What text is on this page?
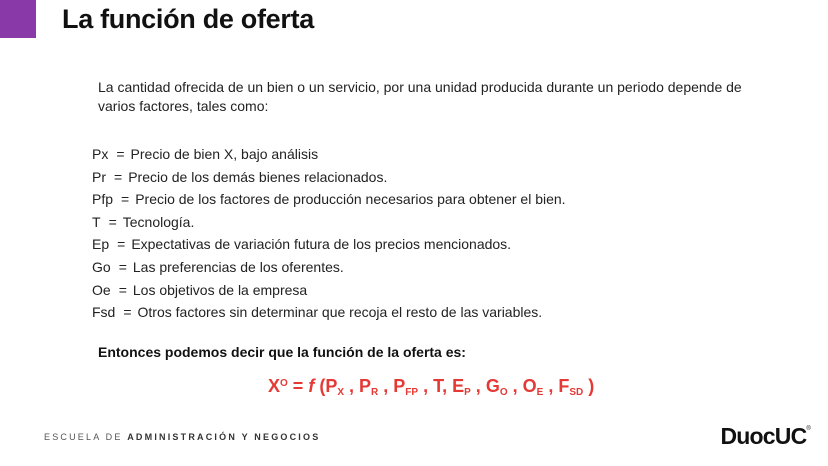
La función de oferta
La cantidad ofrecida de un bien o un servicio, por una unidad producida durante un periodo depende de varios factores, tales como:
Px = Precio de bien X, bajo análisis
Pr = Precio de los demás bienes relacionados.
Pfp = Precio de los factores de producción necesarios para obtener el bien.
T = Tecnología.
Ep = Expectativas de variación futura de los precios mencionados.
Go = Las preferencias de los oferentes.
Oe = Los objetivos de la empresa
Fsd = Otros factores sin determinar que recoja el resto de las variables.
Entonces podemos decir que la función de la oferta es:
$X^O = f$ ($P_X$ , $P_R$ , $P_{FP}$ , T, $E_P$ , $G_O$ , $O_E$ , $F_{SD}$ )
ESCUELA DE ADMINISTRACIÓN Y NEGOCIOS	DuocUC®
